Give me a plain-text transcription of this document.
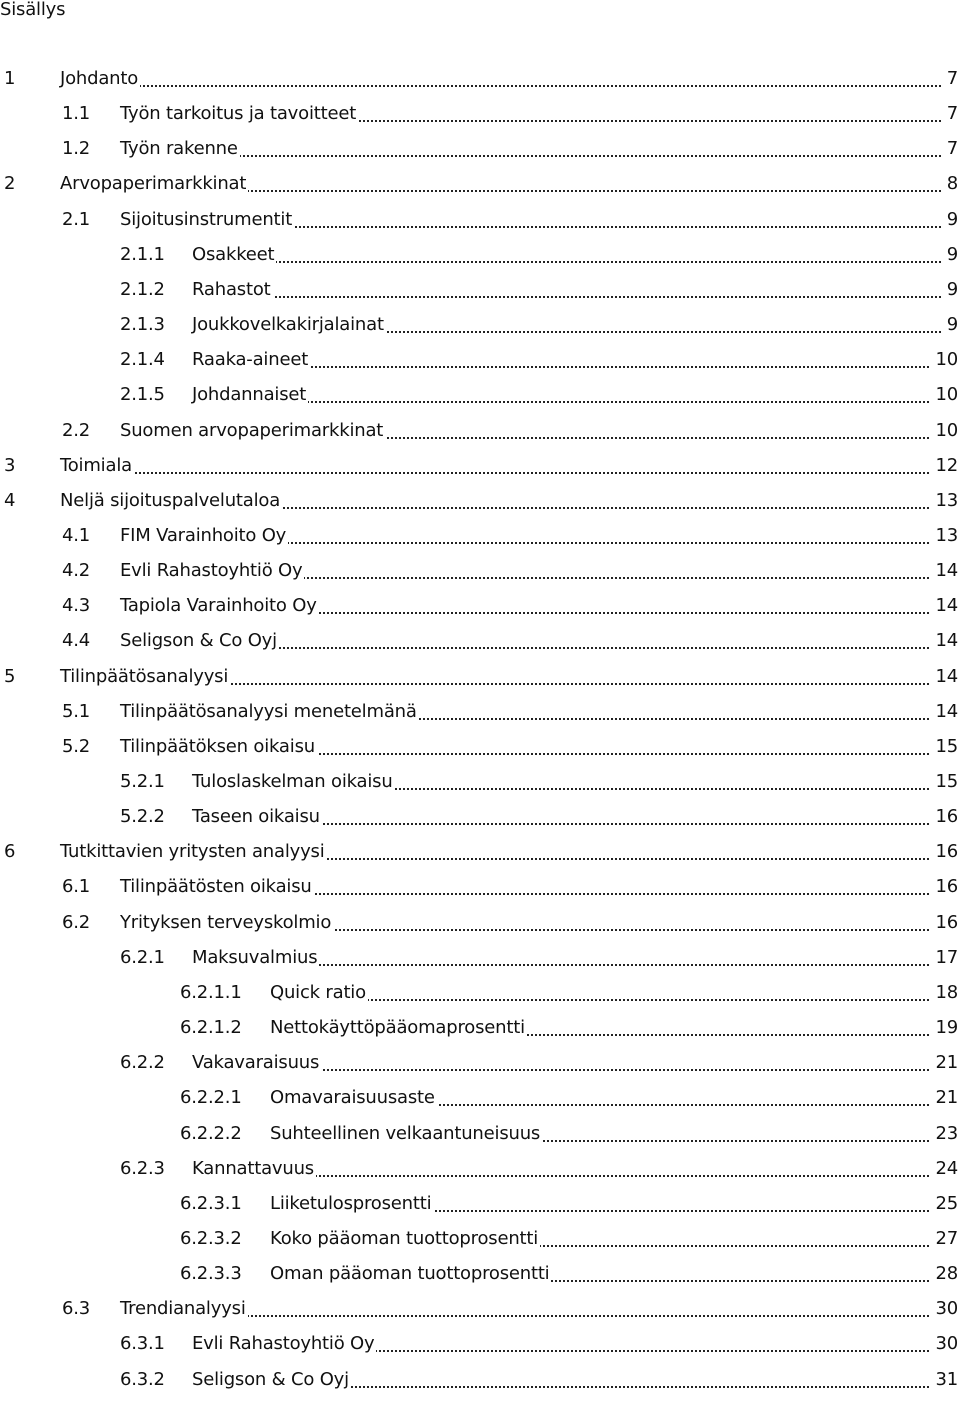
Sisällys
1 Johdanto	7
1.1 Työn tarkoitus ja tavoitteet	7
1.2 Työn rakenne	7
2 Arvopaperimarkkinat	8
2.1 Sijoitusinstrumentit	9
2.1.1 Osakkeet	9
2.1.2 Rahastot	9
2.1.3 Joukkovelkakirjalainat	9
2.1.4 Raaka-aineet	10
2.1.5 Johdannaiset	10
2.2 Suomen arvopaperimarkkinat	10
3 Toimiala	12
4 Neljä sijoituspalvelutaloa	13
4.1 FIM Varainhoito Oy	13
4.2 Evli Rahastoyhtiö Oy	14
4.3 Tapiola Varainhoito Oy	14
4.4 Seligson & Co Oyj	14
5 Tilinpäätösanalyysi	14
5.1 Tilinpäätösanalyysi menetelmänä	14
5.2 Tilinpäätöksen oikaisu	15
5.2.1 Tuloslaskelman oikaisu	15
5.2.2 Taseen oikaisu	16
6 Tutkittavien yritysten analyysi	16
6.1 Tilinpäätösten oikaisu	16
6.2 Yrityksen terveyskolmio	16
6.2.1 Maksuvalmius	17
6.2.1.1 Quick ratio	18
6.2.1.2 Nettokäyttöpääomaprosentti	19
6.2.2 Vakavaraisuus	21
6.2.2.1 Omavaraisuusaste	21
6.2.2.2 Suhteellinen velkaantuneisuus	23
6.2.3 Kannattavuus	24
6.2.3.1 Liiketulosprosentti	25
6.2.3.2 Koko pääoman tuottoprosentti	27
6.2.3.3 Oman pääoman tuottoprosentti	28
6.3 Trendianalyysi	30
6.3.1 Evli Rahastoyhtiö Oy	30
6.3.2 Seligson & Co Oyj	31
